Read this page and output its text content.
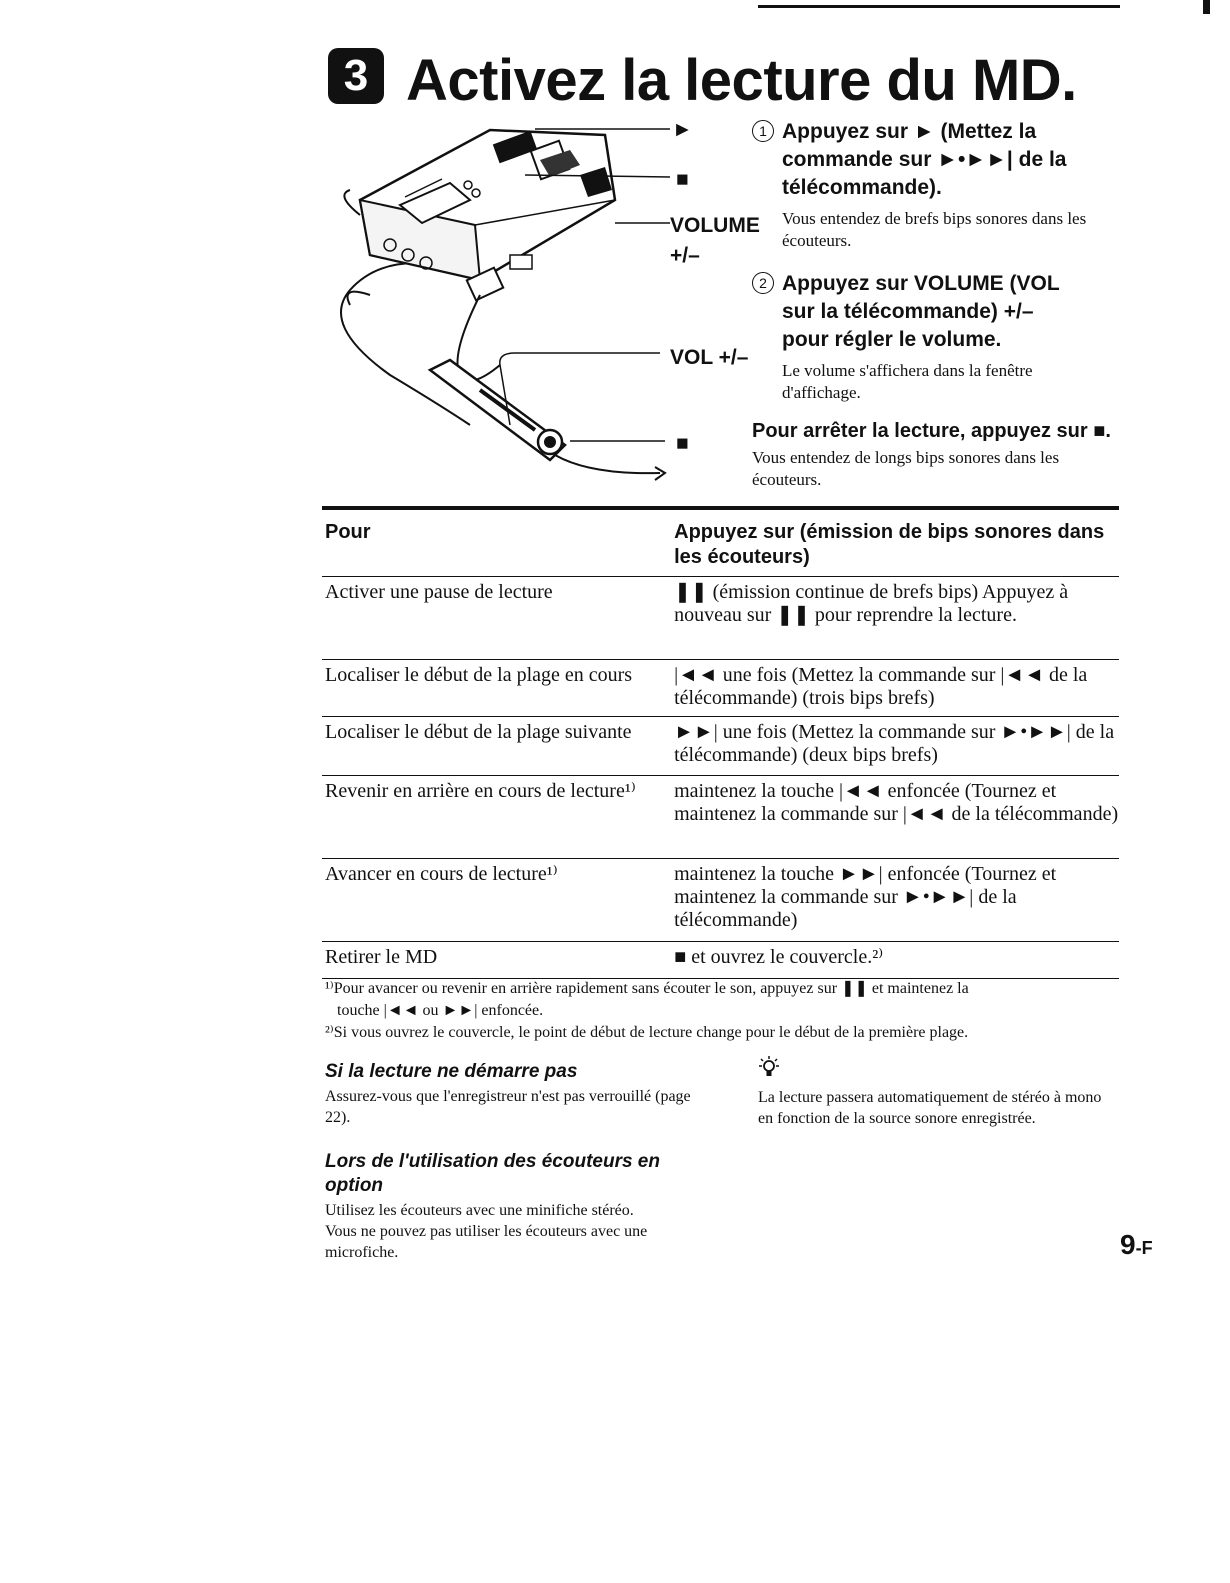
3 Activez la lecture du MD.
►
■
VOLUME
+/–
VOL +/–
■
1 Appuyez sur ► (Mettez la commande sur ►•►►| de la télécommande).
Vous entendez de brefs bips sonores dans les écouteurs.
2 Appuyez sur VOLUME (VOL sur la télécommande) +/– pour régler le volume.
Le volume s'affichera dans la fenêtre d'affichage.
Pour arrêter la lecture, appuyez sur ■.
Vous entendez de longs bips sonores dans les écouteurs.
Pour	Appuyez sur (émission de bips sonores dans les écouteurs)
Activer une pause de lecture	❚❚ (émission continue de brefs bips) Appuyez à nouveau sur ❚❚ pour reprendre la lecture.
Localiser le début de la plage en cours	|◄◄ une fois (Mettez la commande sur |◄◄ de la télécommande) (trois bips brefs)
Localiser le début de la plage suivante	►►| une fois (Mettez la commande sur ►•►►| de la télécommande) (deux bips brefs)
Revenir en arrière en cours de lecture¹⁾	maintenez la touche |◄◄ enfoncée (Tournez et maintenez la commande sur |◄◄ de la télécommande)
Avancer en cours de lecture¹⁾	maintenez la touche ►►| enfoncée (Tournez et maintenez la commande sur ►•►►| de la télécommande)
Retirer le MD	■ et ouvrez le couvercle.²⁾
¹⁾Pour avancer ou revenir en arrière rapidement sans écouter le son, appuyez sur ❚❚ et maintenez la
touche |◄◄ ou ►►| enfoncée.
²⁾Si vous ouvrez le couvercle, le point de début de lecture change pour le début de la première plage.
Si la lecture ne démarre pas
Assurez-vous que l'enregistreur n'est pas verrouillé (page 22).
Lors de l'utilisation des écouteurs en option
Utilisez les écouteurs avec une minifiche stéréo. Vous ne pouvez pas utiliser les écouteurs avec une microfiche.
La lecture passera automatiquement de stéréo à mono en fonction de la source sonore enregistrée.
9-F
